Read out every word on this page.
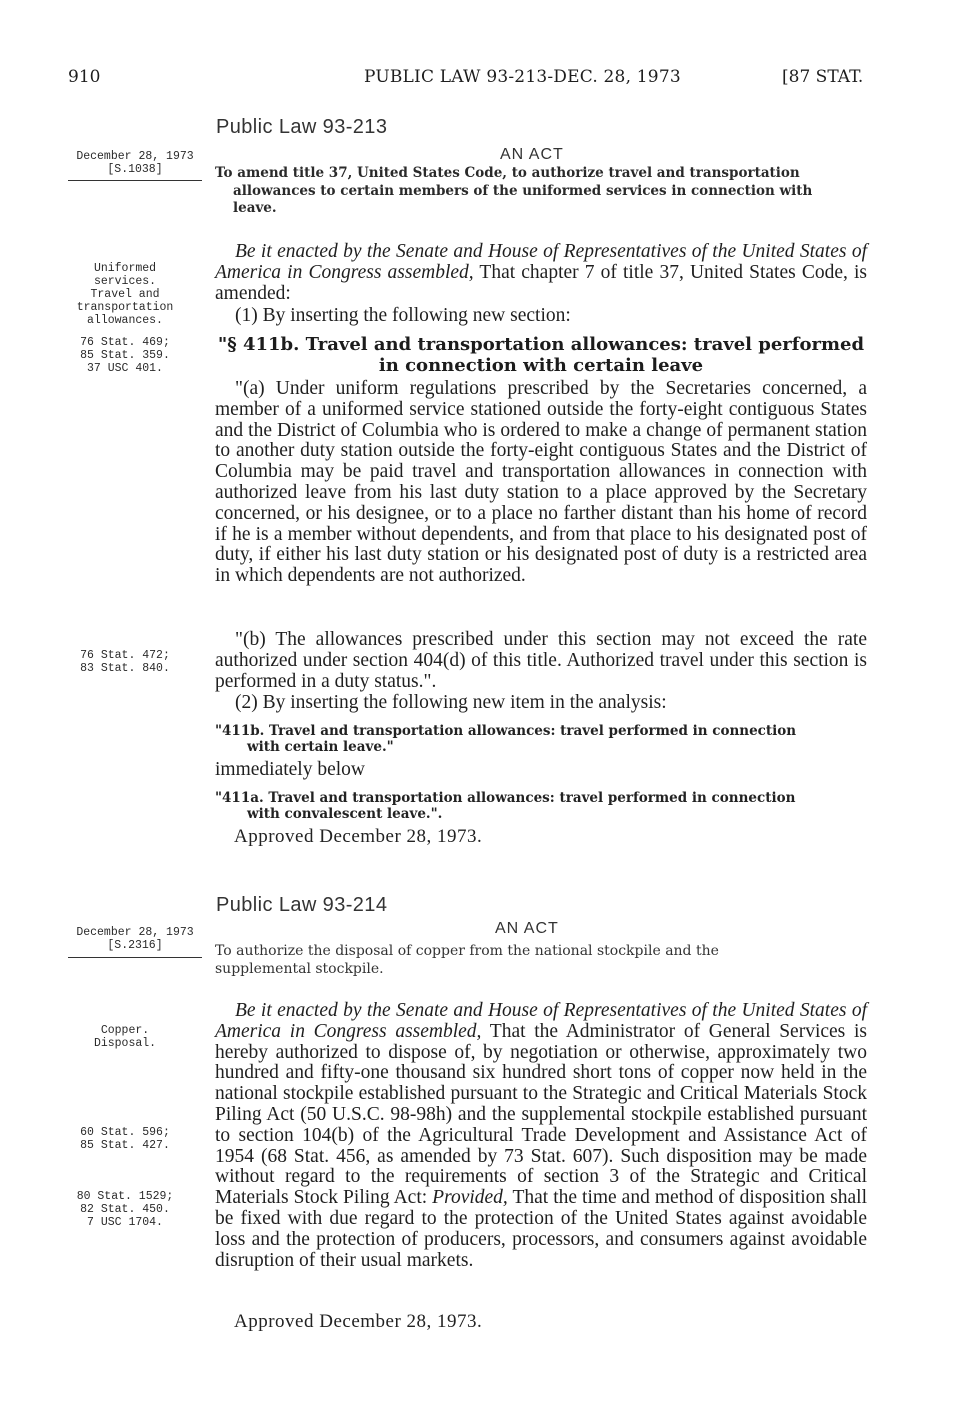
910	PUBLIC LAW 93-213-DEC. 28, 1973	[87 STAT.
Public Law 93-213
December 28, 1973
[S.1038]
AN ACT
To amend title 37, United States Code, to authorize travel and transportation
allowances to certain members of the uniformed services in connection with
leave.
Uniformed
services.
Travel and
transportation
allowances.
76 Stat. 469;
85 Stat. 359.
37 USC 401.
76 Stat. 472;
83 Stat. 840.
Be it enacted by the Senate and House of Representatives of the United States of America in Congress assembled, That chapter 7 of title 37, United States Code, is amended:
(1) By inserting the following new section:
"§ 411b. Travel and transportation allowances: travel performed
in connection with certain leave
"(a) Under uniform regulations prescribed by the Secretaries concerned, a member of a uniformed service stationed outside the forty-eight contiguous States and the District of Columbia who is ordered to make a change of permanent station to another duty station outside the forty-eight contiguous States and the District of Columbia may be paid travel and transportation allowances in connection with authorized leave from his last duty station to a place approved by the Secretary concerned, or his designee, or to a place no farther distant than his home of record if he is a member without dependents, and from that place to his designated post of duty, if either his last duty station or his designated post of duty is a restricted area in which dependents are not authorized.
"(b) The allowances prescribed under this section may not exceed the rate authorized under section 404(d) of this title. Authorized travel under this section is performed in a duty status.".
(2) By inserting the following new item in the analysis:
"411b. Travel and transportation allowances: travel performed in connection
with certain leave."
immediately below
"411a. Travel and transportation allowances: travel performed in connection
with convalescent leave.".
Approved December 28, 1973.
Public Law 93-214
December 28, 1973
[S.2316]
AN ACT
To authorize the disposal of copper from the national stockpile and the
supplemental stockpile.
Copper.
Disposal.
60 Stat. 596;
85 Stat. 427.
80 Stat. 1529;
82 Stat. 450.
7 USC 1704.
Be it enacted by the Senate and House of Representatives of the United States of America in Congress assembled, That the Administrator of General Services is hereby authorized to dispose of, by negotiation or otherwise, approximately two hundred and fifty-one thousand six hundred short tons of copper now held in the national stockpile established pursuant to the Strategic and Critical Materials Stock Piling Act (50 U.S.C. 98-98h) and the supplemental stockpile established pursuant to section 104(b) of the Agricultural Trade Development and Assistance Act of 1954 (68 Stat. 456, as amended by 73 Stat. 607). Such disposition may be made without regard to the requirements of section 3 of the Strategic and Critical Materials Stock Piling Act: Provided, That the time and method of disposition shall be fixed with due regard to the protection of the United States against avoidable loss and the protection of producers, processors, and consumers against avoidable disruption of their usual markets.
Approved December 28, 1973.
